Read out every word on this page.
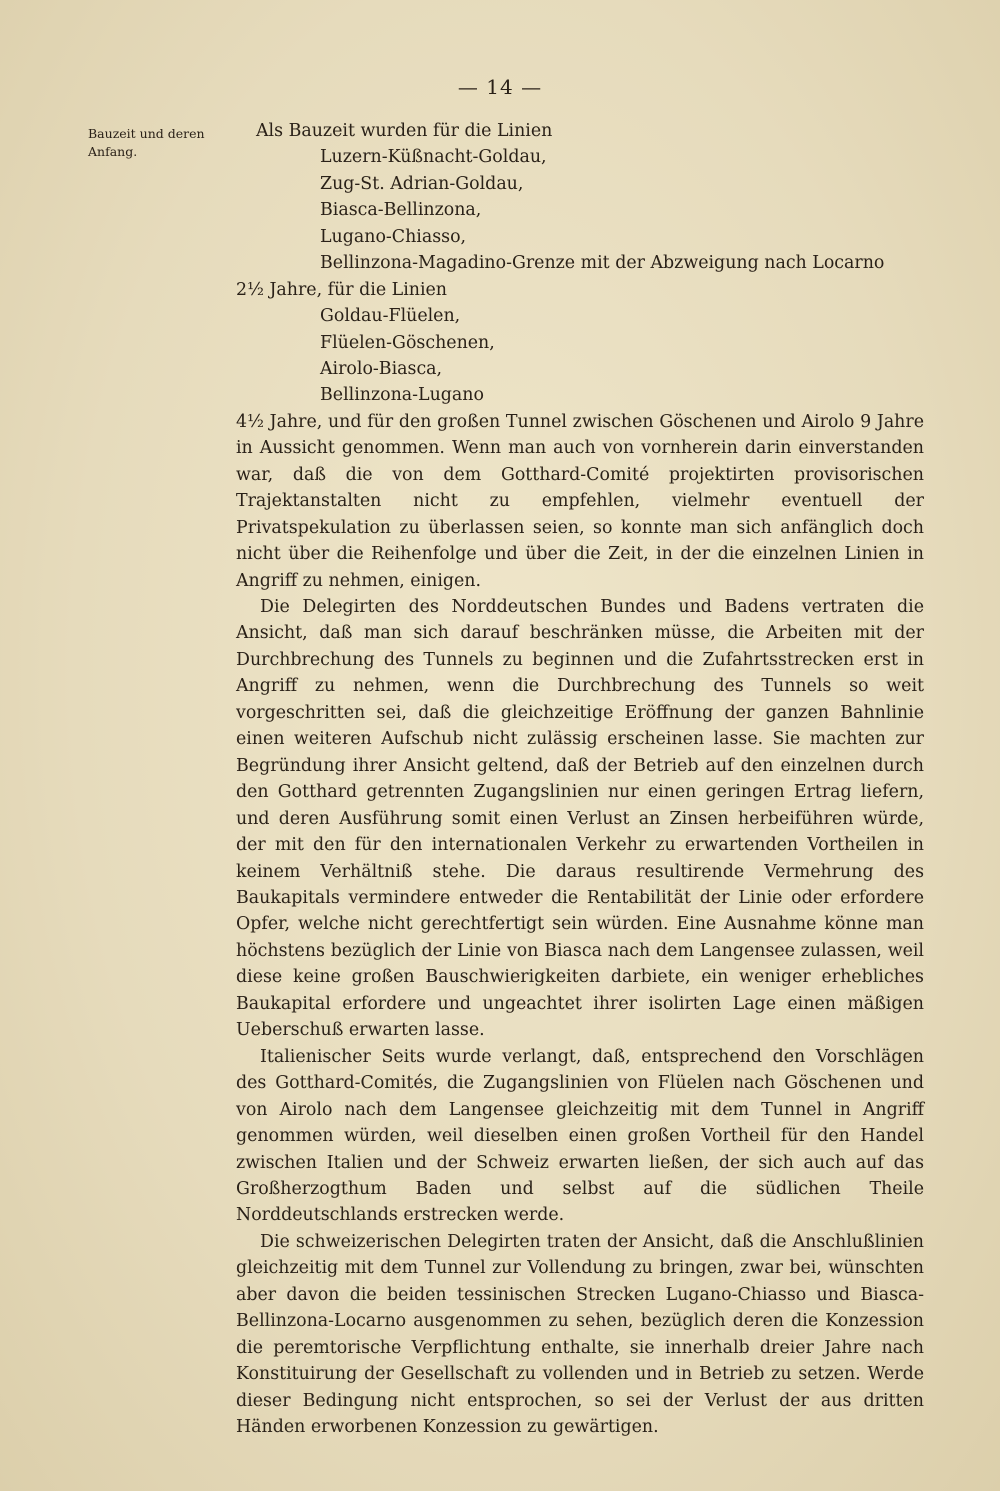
— 14 —
Bauzeit und deren Anfang.
Als Bauzeit wurden für die Linien
Luzern-Küßnacht-Goldau,
Zug-St. Adrian-Goldau,
Biasca-Bellinzona,
Lugano-Chiasso,
Bellinzona-Magadino-Grenze mit der Abzweigung nach Locarno
2½ Jahre, für die Linien
Goldau-Flüelen,
Flüelen-Göschenen,
Airolo-Biasca,
Bellinzona-Lugano

4½ Jahre, und für den großen Tunnel zwischen Göschenen und Airolo 9 Jahre in Aussicht genommen. Wenn man auch von vornherein darin einverstanden war, daß die von dem Gotthard-Comité projektirten provisorischen Trajektanstalten nicht zu empfehlen, vielmehr eventuell der Privatspekulation zu überlassen seien, so konnte man sich anfänglich doch nicht über die Reihenfolge und über die Zeit, in der die einzelnen Linien in Angriff zu nehmen, einigen.

Die Delegirten des Norddeutschen Bundes und Badens vertraten die Ansicht, daß man sich darauf beschränken müsse, die Arbeiten mit der Durchbrechung des Tunnels zu beginnen und die Zufahrtsstrecken erst in Angriff zu nehmen, wenn die Durchbrechung des Tunnels so weit vorgeschritten sei, daß die gleichzeitige Eröffnung der ganzen Bahnlinie einen weiteren Aufschub nicht zulässig erscheinen lasse. Sie machten zur Begründung ihrer Ansicht geltend, daß der Betrieb auf den einzelnen durch den Gotthard getrennten Zugangslinien nur einen geringen Ertrag liefern, und deren Ausführung somit einen Verlust an Zinsen herbeiführen würde, der mit den für den internationalen Verkehr zu erwartenden Vortheilen in keinem Verhältniß stehe. Die daraus resultirende Vermehrung des Baukapitals vermindere entweder die Rentabilität der Linie oder erfordere Opfer, welche nicht gerechtfertigt sein würden. Eine Ausnahme könne man höchstens bezüglich der Linie von Biasca nach dem Langensee zulassen, weil diese keine großen Bauschwierigkeiten darbiete, ein weniger erhebliches Baukapital erfordere und ungeachtet ihrer isolirten Lage einen mäßigen Ueberschuß erwarten lasse.

Italienischer Seits wurde verlangt, daß, entsprechend den Vorschlägen des Gotthard-Comités, die Zugangslinien von Flüelen nach Göschenen und von Airolo nach dem Langensee gleichzeitig mit dem Tunnel in Angriff genommen würden, weil dieselben einen großen Vortheil für den Handel zwischen Italien und der Schweiz erwarten ließen, der sich auch auf das Großherzogthum Baden und selbst auf die südlichen Theile Norddeutschlands erstrecken werde.

Die schweizerischen Delegirten traten der Ansicht, daß die Anschlußlinien gleichzeitig mit dem Tunnel zur Vollendung zu bringen, zwar bei, wünschten aber davon die beiden tessinischen Strecken Lugano-Chiasso und Biasca-Bellinzona-Locarno ausgenommen zu sehen, bezüglich deren die Konzession die peremtorische Verpflichtung enthalte, sie innerhalb dreier Jahre nach Konstituirung der Gesellschaft zu vollenden und in Betrieb zu setzen. Werde dieser Bedingung nicht entsprochen, so sei der Verlust der aus dritten Händen erworbenen Konzession zu gewärtigen.
